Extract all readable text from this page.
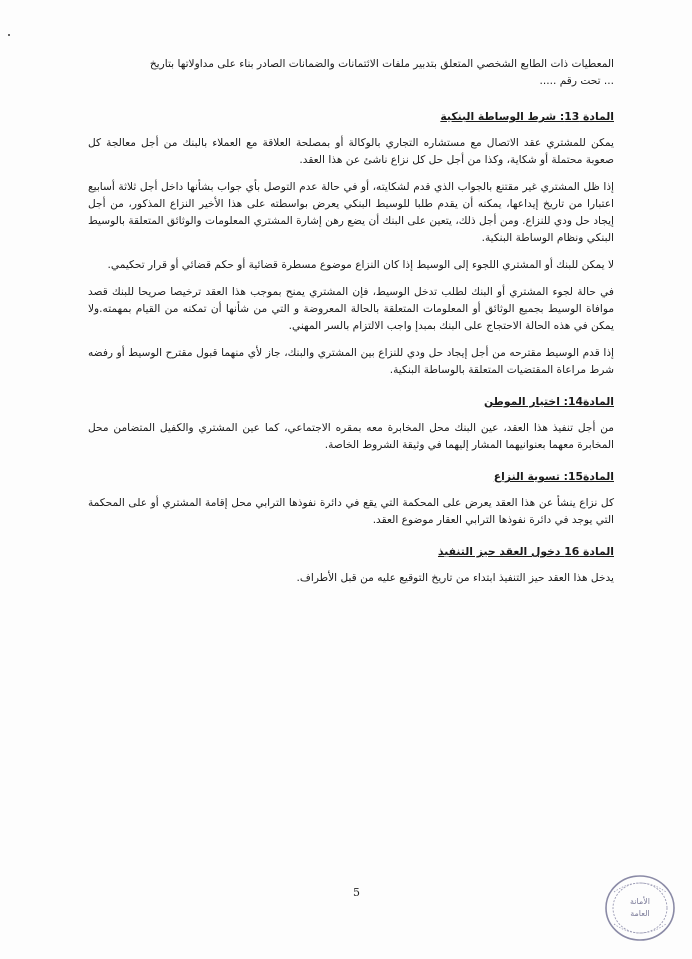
المعطيات ذات الطابع الشخصي المتعلق بتدبير ملفات الائتمانات والضمانات الصادر بناء على مداولاتها بتاريخ

... تحت رقم .....

المادة 13: شرط الوساطة البنكية

يمكن للمشتري عقد الاتصال مع مستشاره التجاري بالوكالة أو بمصلحة العلاقة مع العملاء بالبنك من أجل معالجة كل صعوبة محتملة أو شكاية، وكذا من أجل حل كل نزاع ناشئ عن هذا العقد.

إذا ظل المشتري غير مقتنع بالجواب الذي قدم لشكايته، أو في حالة عدم التوصل بأي جواب بشأنها داخل أجل ثلاثة أسابيع اعتبارا من تاريخ إيداعها، يمكنه أن يقدم طلبا للوسيط البنكي يعرض بواسطته على هذا الأخير النزاع المذكور، من أجل إيجاد حل ودي للنزاع. ومن أجل ذلك، يتعين على البنك أن يضع رهن إشارة المشتري المعلومات والوثائق المتعلقة بالوسيط البنكي ونظام الوساطة البنكية.

لا يمكن للبنك أو المشتري اللجوء إلى الوسيط إذا كان النزاع موضوع مسطرة قضائية أو حكم قضائي أو قرار تحكيمي.

في حالة لجوء المشتري أو البنك لطلب تدخل الوسيط، فإن المشتري يمنح بموجب هذا العقد ترخيصا صريحا للبنك قصد موافاة الوسيط بجميع الوثائق أو المعلومات المتعلقة بالحالة المعروضة و التي من شأنها أن تمكنه من القيام بمهمته.ولا يمكن في هذه الحالة الاحتجاج على البنك بمبدإ واجب الالتزام بالسر المهني.

إذا قدم الوسيط مقترحه من أجل إيجاد حل ودي للنزاع بين المشتري والبنك، جاز لأي منهما قبول مقترح الوسيط أو رفضه شرط مراعاة المقتضيات المتعلقة بالوساطة البنكية.

المادة14: اختيار الموطن

من أجل تنفيذ هذا العقد، عين البنك محل المخابرة معه بمقره الاجتماعي، كما عين المشتري والكفيل المتضامن محل المخابرة معهما بعنوانيهما المشار إليهما في وثيقة الشروط الخاصة.

المادة15: تسوية النزاع

كل نزاع ينشأ عن هذا العقد يعرض على المحكمة التي يقع في دائرة نفوذها الترابي محل إقامة المشتري أو على المحكمة التي يوجد في دائرة نفوذها الترابي العقار موضوع العقد.

المادة 16 دخول العقد حيز التنفيذ

يدخل هذا العقد حيز التنفيذ ابتداء من تاريخ التوقيع عليه من قبل الأطراف.

5
الأمانة
العامة
